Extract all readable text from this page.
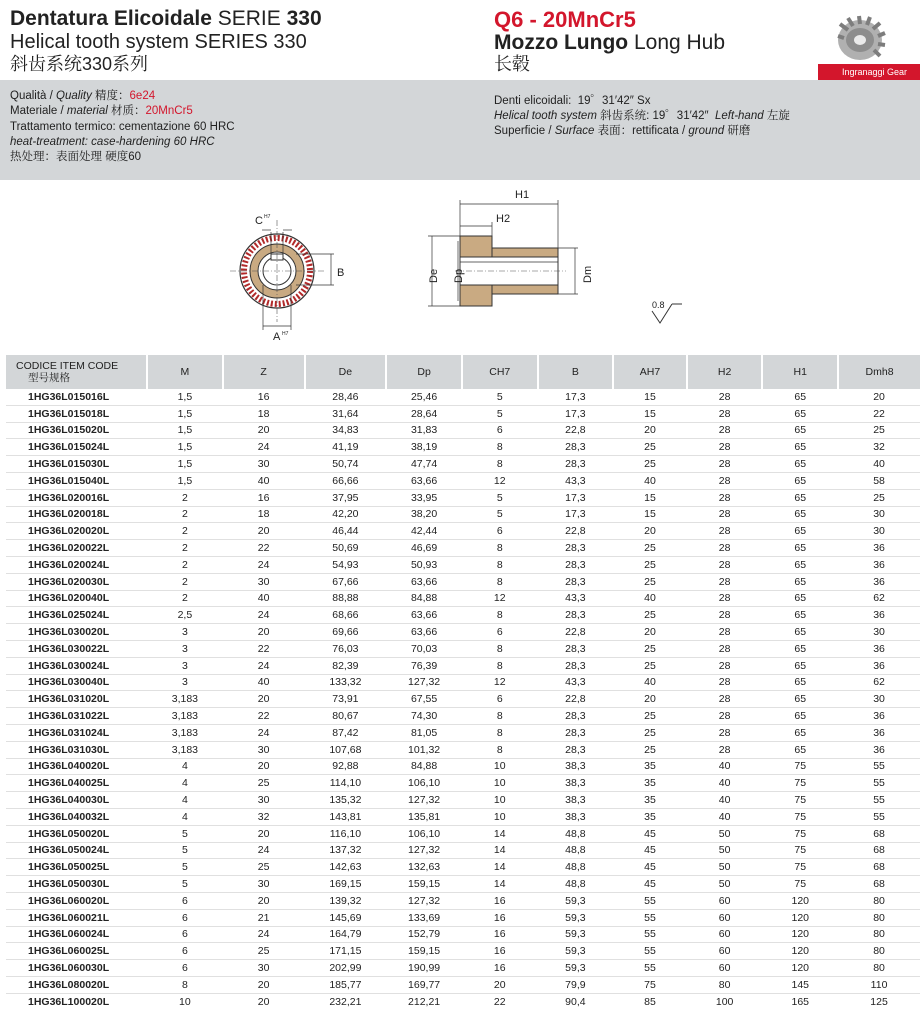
Dentatura Elicoidale SERIE 330
Helical tooth system SERIES 330
斜齿系统330系列
Q6 - 20MnCr5
Mozzo Lungo Long Hub
长毂	Ingranaggi Gear
Qualità / Quality 精度：6e24
Materiale / material 材质：20MnCr5
Trattamento termico: cementazione 60 HRC
heat-treatment: case-hardening 60 HRC
热处理：表面处理 硬度60
Denti elicoidali: 19゜31′42″ Sx
Helical tooth system 斜齿系统: 19゜31′42″ Left-hand 左旋
Superficie / Surface 表面：rettificata / ground 研磨
C H7
B
A H7
H1
H2
De Dp	Dm
0.8
CODICE ITEM CODE
型号规格	M	Z	De	Dp	CH7	B	AH7	H2	H1	Dmh8
1HG36L015016L	1,5	16	28,46	25,46	5	17,3	15	28	65	20
1HG36L015018L	1,5	18	31,64	28,64	5	17,3	15	28	65	22
1HG36L015020L	1,5	20	34,83	31,83	6	22,8	20	28	65	25
1HG36L015024L	1,5	24	41,19	38,19	8	28,3	25	28	65	32
1HG36L015030L	1,5	30	50,74	47,74	8	28,3	25	28	65	40
1HG36L015040L	1,5	40	66,66	63,66	12	43,3	40	28	65	58
1HG36L020016L	2	16	37,95	33,95	5	17,3	15	28	65	25
1HG36L020018L	2	18	42,20	38,20	5	17,3	15	28	65	30
1HG36L020020L	2	20	46,44	42,44	6	22,8	20	28	65	30
1HG36L020022L	2	22	50,69	46,69	8	28,3	25	28	65	36
1HG36L020024L	2	24	54,93	50,93	8	28,3	25	28	65	36
1HG36L020030L	2	30	67,66	63,66	8	28,3	25	28	65	36
1HG36L020040L	2	40	88,88	84,88	12	43,3	40	28	65	62
1HG36L025024L	2,5	24	68,66	63,66	8	28,3	25	28	65	36
1HG36L030020L	3	20	69,66	63,66	6	22,8	20	28	65	30
1HG36L030022L	3	22	76,03	70,03	8	28,3	25	28	65	36
1HG36L030024L	3	24	82,39	76,39	8	28,3	25	28	65	36
1HG36L030040L	3	40	133,32	127,32	12	43,3	40	28	65	62
1HG36L031020L	3,183	20	73,91	67,55	6	22,8	20	28	65	30
1HG36L031022L	3,183	22	80,67	74,30	8	28,3	25	28	65	36
1HG36L031024L	3,183	24	87,42	81,05	8	28,3	25	28	65	36
1HG36L031030L	3,183	30	107,68	101,32	8	28,3	25	28	65	36
1HG36L040020L	4	20	92,88	84,88	10	38,3	35	40	75	55
1HG36L040025L	4	25	114,10	106,10	10	38,3	35	40	75	55
1HG36L040030L	4	30	135,32	127,32	10	38,3	35	40	75	55
1HG36L040032L	4	32	143,81	135,81	10	38,3	35	40	75	55
1HG36L050020L	5	20	116,10	106,10	14	48,8	45	50	75	68
1HG36L050024L	5	24	137,32	127,32	14	48,8	45	50	75	68
1HG36L050025L	5	25	142,63	132,63	14	48,8	45	50	75	68
1HG36L050030L	5	30	169,15	159,15	14	48,8	45	50	75	68
1HG36L060020L	6	20	139,32	127,32	16	59,3	55	60	120	80
1HG36L060021L	6	21	145,69	133,69	16	59,3	55	60	120	80
1HG36L060024L	6	24	164,79	152,79	16	59,3	55	60	120	80
1HG36L060025L	6	25	171,15	159,15	16	59,3	55	60	120	80
1HG36L060030L	6	30	202,99	190,99	16	59,3	55	60	120	80
1HG36L080020L	8	20	185,77	169,77	20	79,9	75	80	145	110
1HG36L100020L	10	20	232,21	212,21	22	90,4	85	100	165	125
